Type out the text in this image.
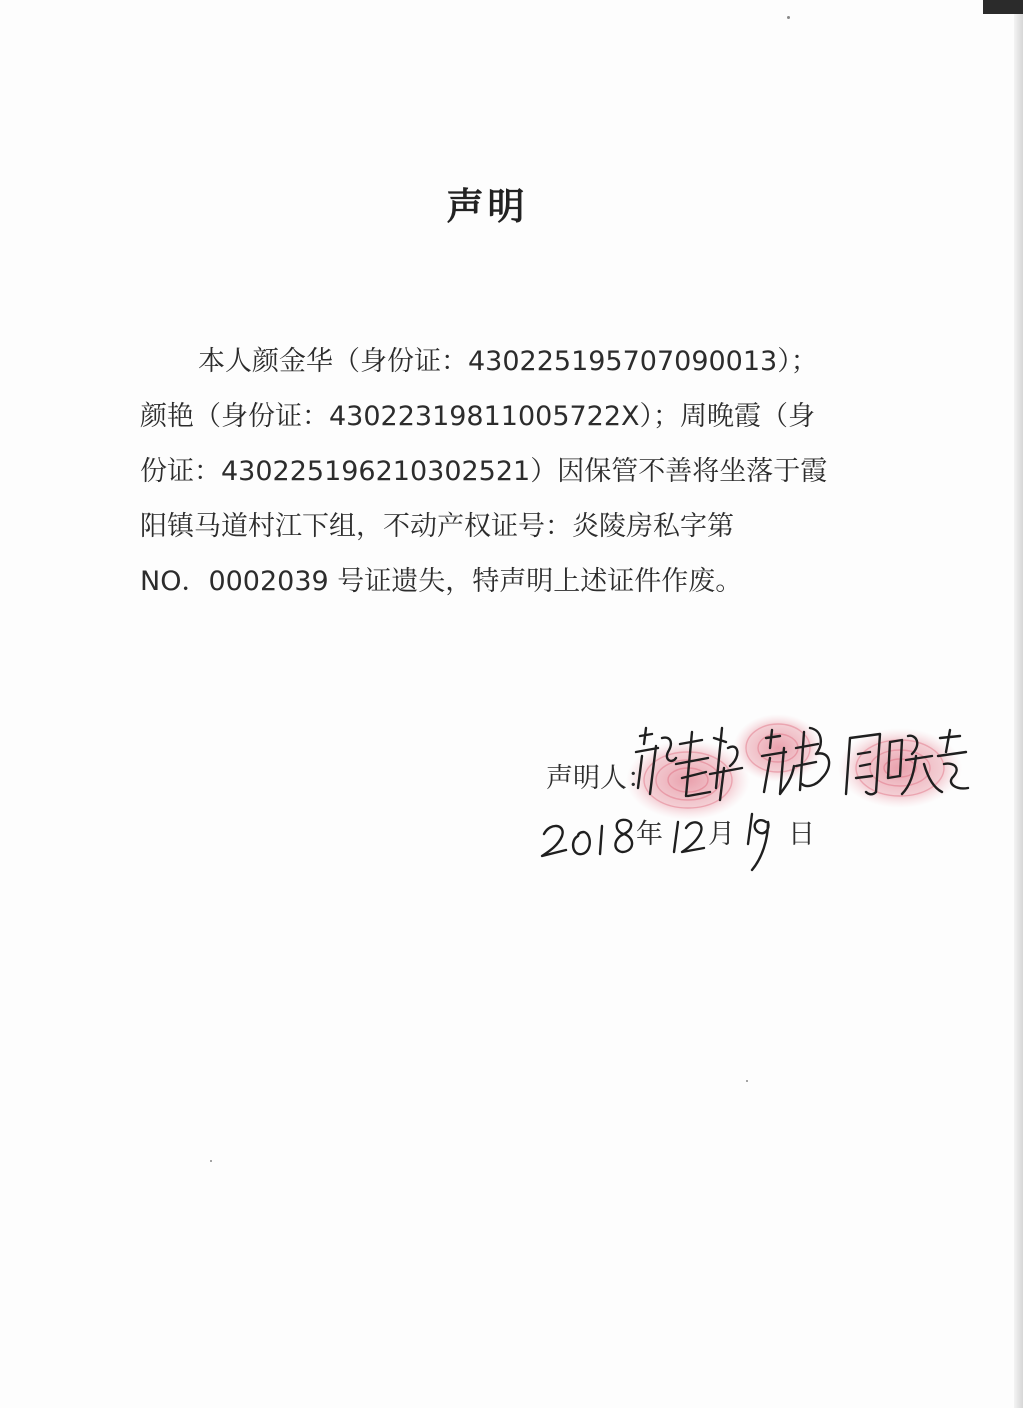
声明

本人颜金华（身份证：430225195707090013）；
颜艳（身份证：43022319811005722X）；周晚霞（身
份证：430225196210302521）因保管不善将坐落于霞
阳镇马道村江下组，不动产权证号：炎陵房私字第
NO．0002039 号证遗失，特声明上述证件作废。

声明人：
年 月 日
